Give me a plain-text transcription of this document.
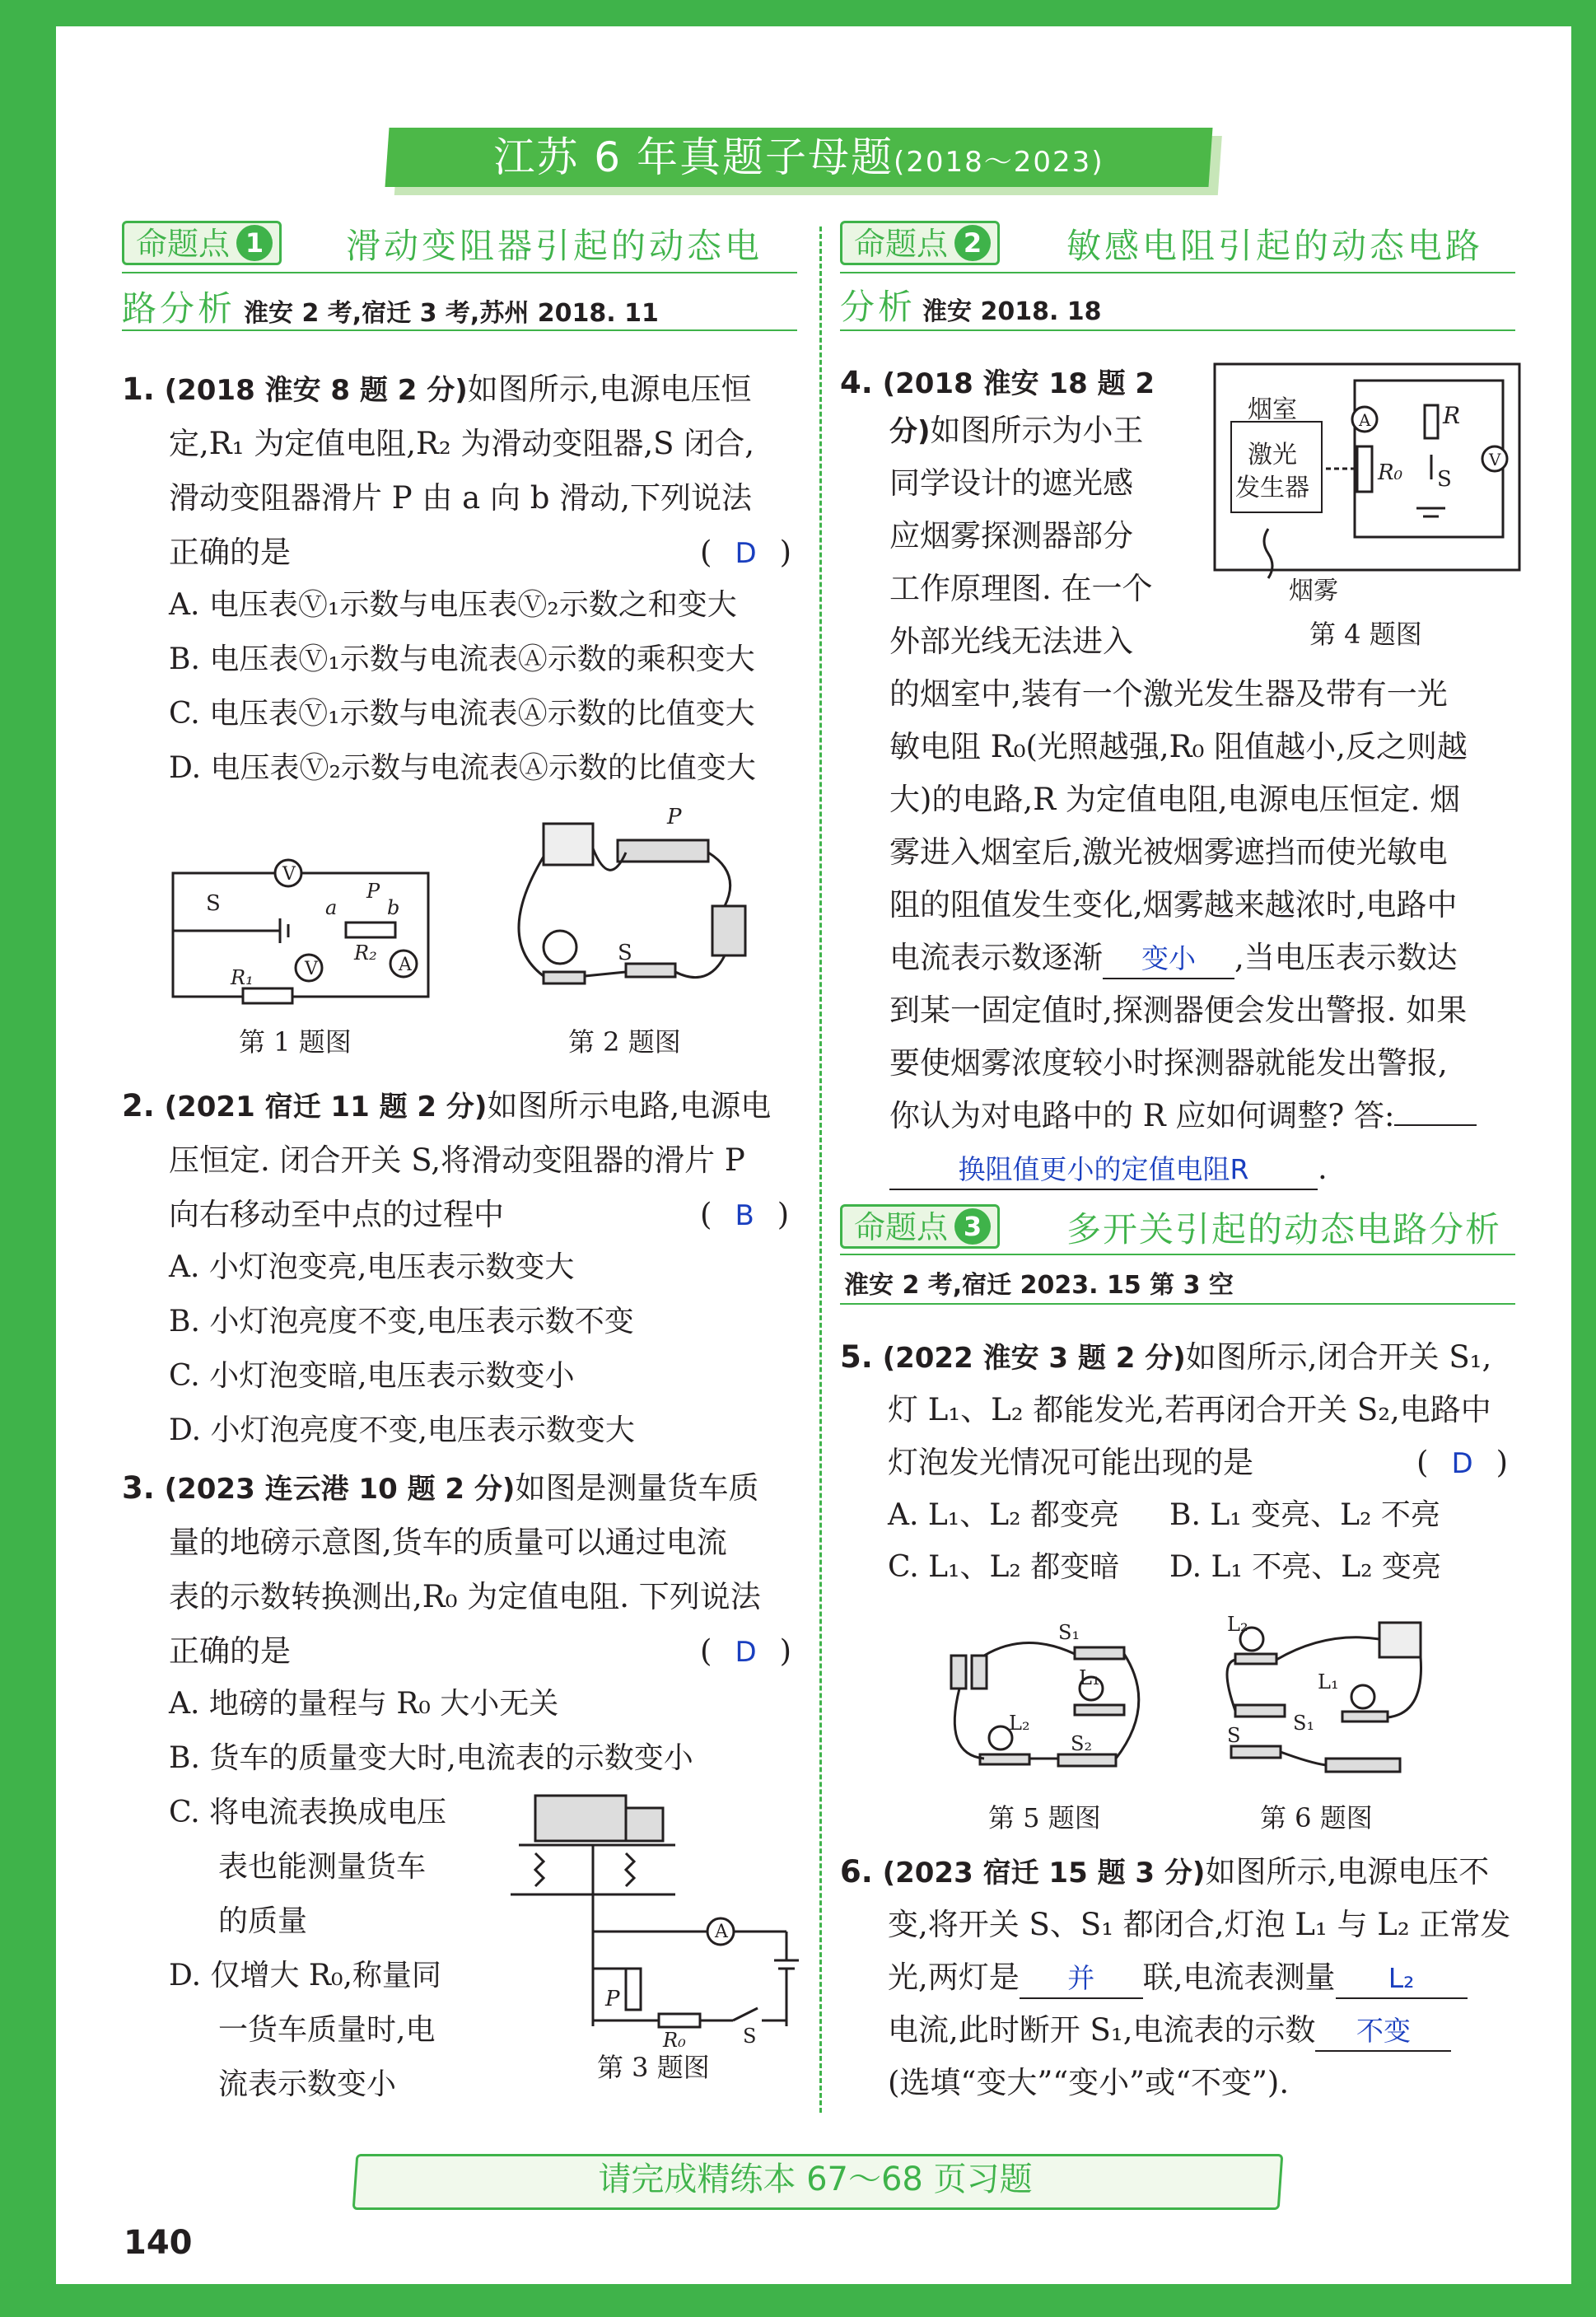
江苏 6 年真题子母题(2018～2023)
命题点 1	滑动变阻器引起的动态电
路分析 淮安 2 考,宿迁 3 考,苏州 2018. 11
命题点 2	敏感电阻引起的动态电路
分析 淮安 2018. 18
1. (2018 淮安 8 题 2 分)如图所示,电源电压恒
定,R₁ 为定值电阻,R₂ 为滑动变阻器,S 闭合,
滑动变阻器滑片 P 由 a 向 b 滑动,下列说法
正确的是	( D )
A. 电压表Ⓥ₁示数与电压表Ⓥ₂示数之和变大
B. 电压表Ⓥ₁示数与电流表Ⓐ示数的乘积变大
C. 电压表Ⓥ₁示数与电流表Ⓐ示数的比值变大
D. 电压表Ⓥ₂示数与电流表Ⓐ示数的比值变大
V
V	A
S
R₂
R₁
a	b
P
第 1 题图
P
S
第 2 题图
2. (2021 宿迁 11 题 2 分)如图所示电路,电源电
压恒定. 闭合开关 S,将滑动变阻器的滑片 P
向右移动至中点的过程中	( B )
A. 小灯泡变亮,电压表示数变大
B. 小灯泡亮度不变,电压表示数不变
C. 小灯泡变暗,电压表示数变小
D. 小灯泡亮度不变,电压表示数变大
3. (2023 连云港 10 题 2 分)如图是测量货车质
量的地磅示意图,货车的质量可以通过电流
表的示数转换测出,R₀ 为定值电阻. 下列说法
正确的是	( D )
A. 地磅的量程与 R₀ 大小无关
B. 货车的质量变大时,电流表的示数变小
C. 将电流表换成电压
表也能测量货车
的质量
D. 仅增大 R₀,称量同
一货车质量时,电
流表示数变小
A
P
R₀	S
第 3 题图
4. (2018 淮安 18 题 2
分)如图所示为小王
同学设计的遮光感
应烟雾探测器部分
工作原理图. 在一个
外部光线无法进入
的烟室中,装有一个激光发生器及带有一光
敏电阻 R₀(光照越强,R₀ 阻值越小,反之则越
大)的电路,R 为定值电阻,电源电压恒定. 烟
雾进入烟室后,激光被烟雾遮挡而使光敏电
阻的阻值发生变化,烟雾越来越浓时,电路中
电流表示数逐渐 变小 ,当电压表示数达
到某一固定值时,探测器便会发出警报. 如果
要使烟雾浓度较小时探测器就能发出警报,
你认为对电路中的 R 应如何调整? 答:
换阻值更小的定值电阻R .
A
V
R
R₀ S
烟室
激光
发生器
烟雾
第 4 题图
命题点 3	多开关引起的动态电路分析
淮安 2 考,宿迁 2023. 15 第 3 空
5. (2022 淮安 3 题 2 分)如图所示,闭合开关 S₁,
灯 L₁、L₂ 都能发光,若再闭合开关 S₂,电路中
灯泡发光情况可能出现的是	( D )
A. L₁、L₂ 都变亮 B. L₁ 变亮、L₂ 不亮
C. L₁、L₂ 都变暗 D. L₁ 不亮、L₂ 变亮
S₁
L₁
L₂
S₂
L₂
L₁
S₁
S
第 5 题图	第 6 题图
6. (2023 宿迁 15 题 3 分)如图所示,电源电压不
变,将开关 S、S₁ 都闭合,灯泡 L₁ 与 L₂ 正常发
光,两灯是 并 联,电流表测量 L₂
电流,此时断开 S₁,电流表的示数 不变
(选填“变大”“变小”或“不变”).
请完成精练本 67～68 页习题
140
